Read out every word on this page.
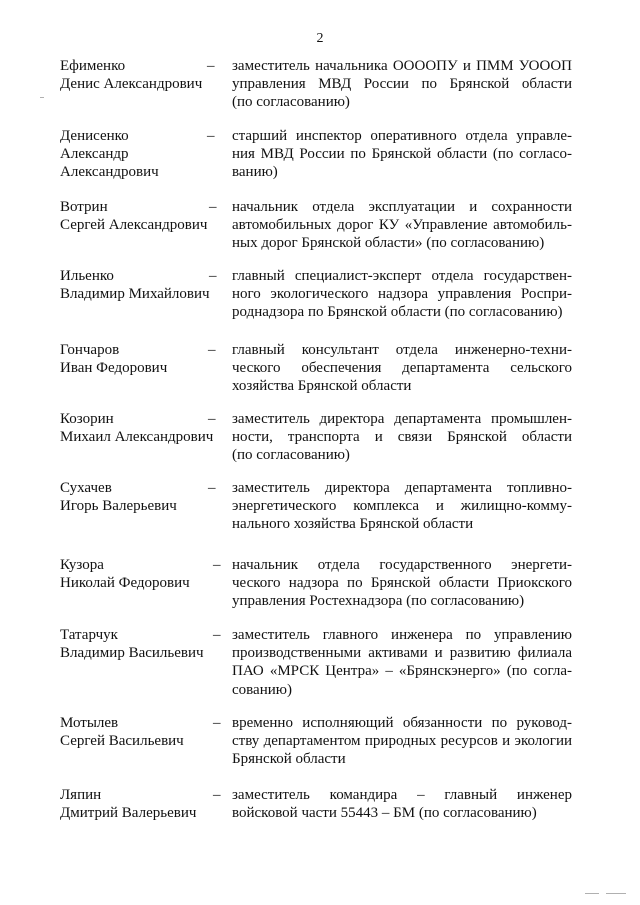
2
Ефименко
Денис Александрович
– заместитель начальника ОООOПУ и ПММ УОООП
управления МВД России по Брянской области
(по согласованию)
Денисенко
Александр
Александрович
– старший инспектор оперативного отдела управле-
ния МВД России по Брянской области (по согласо-
ванию)
Вотрин
Сергей Александрович
– начальник отдела эксплуатации и сохранности
автомобильных дорог КУ «Управление автомобиль-
ных дорог Брянской области» (по согласованию)
Ильенко
Владимир Михайлович
– главный специалист-эксперт отдела государствен-
ного экологического надзора управления Роспри-
роднадзора по Брянской области (по согласованию)
Гончаров
Иван Федорович
– главный консультант отдела инженерно-техни-
ческого обеспечения департамента сельского
хозяйства Брянской области
Козорин
Михаил Александрович
– заместитель директора департамента промышлен-
ности, транспорта и связи Брянской области
(по согласованию)
Сухачев
Игорь Валерьевич
– заместитель директора департамента топливно-
энергетического комплекса и жилищно-комму-
нального хозяйства Брянской области
Кузора
Николай Федорович
– начальник отдела государственного энергети-
ческого надзора по Брянской области Приокского
управления Ростехнадзора (по согласованию)
Татарчук
Владимир Васильевич
– заместитель главного инженера по управлению
производственными активами и развитию филиала
ПАО «МРСК Центра» – «Брянскэнерго» (по согла-
сованию)
Мотылев
Сергей Васильевич
– временно исполняющий обязанности по руковод-
ству департаментом природных ресурсов и экологии
Брянской области
Ляпин
Дмитрий Валерьевич
– заместитель командира – главный инженер
войсковой части 55443 – БМ (по согласованию)
